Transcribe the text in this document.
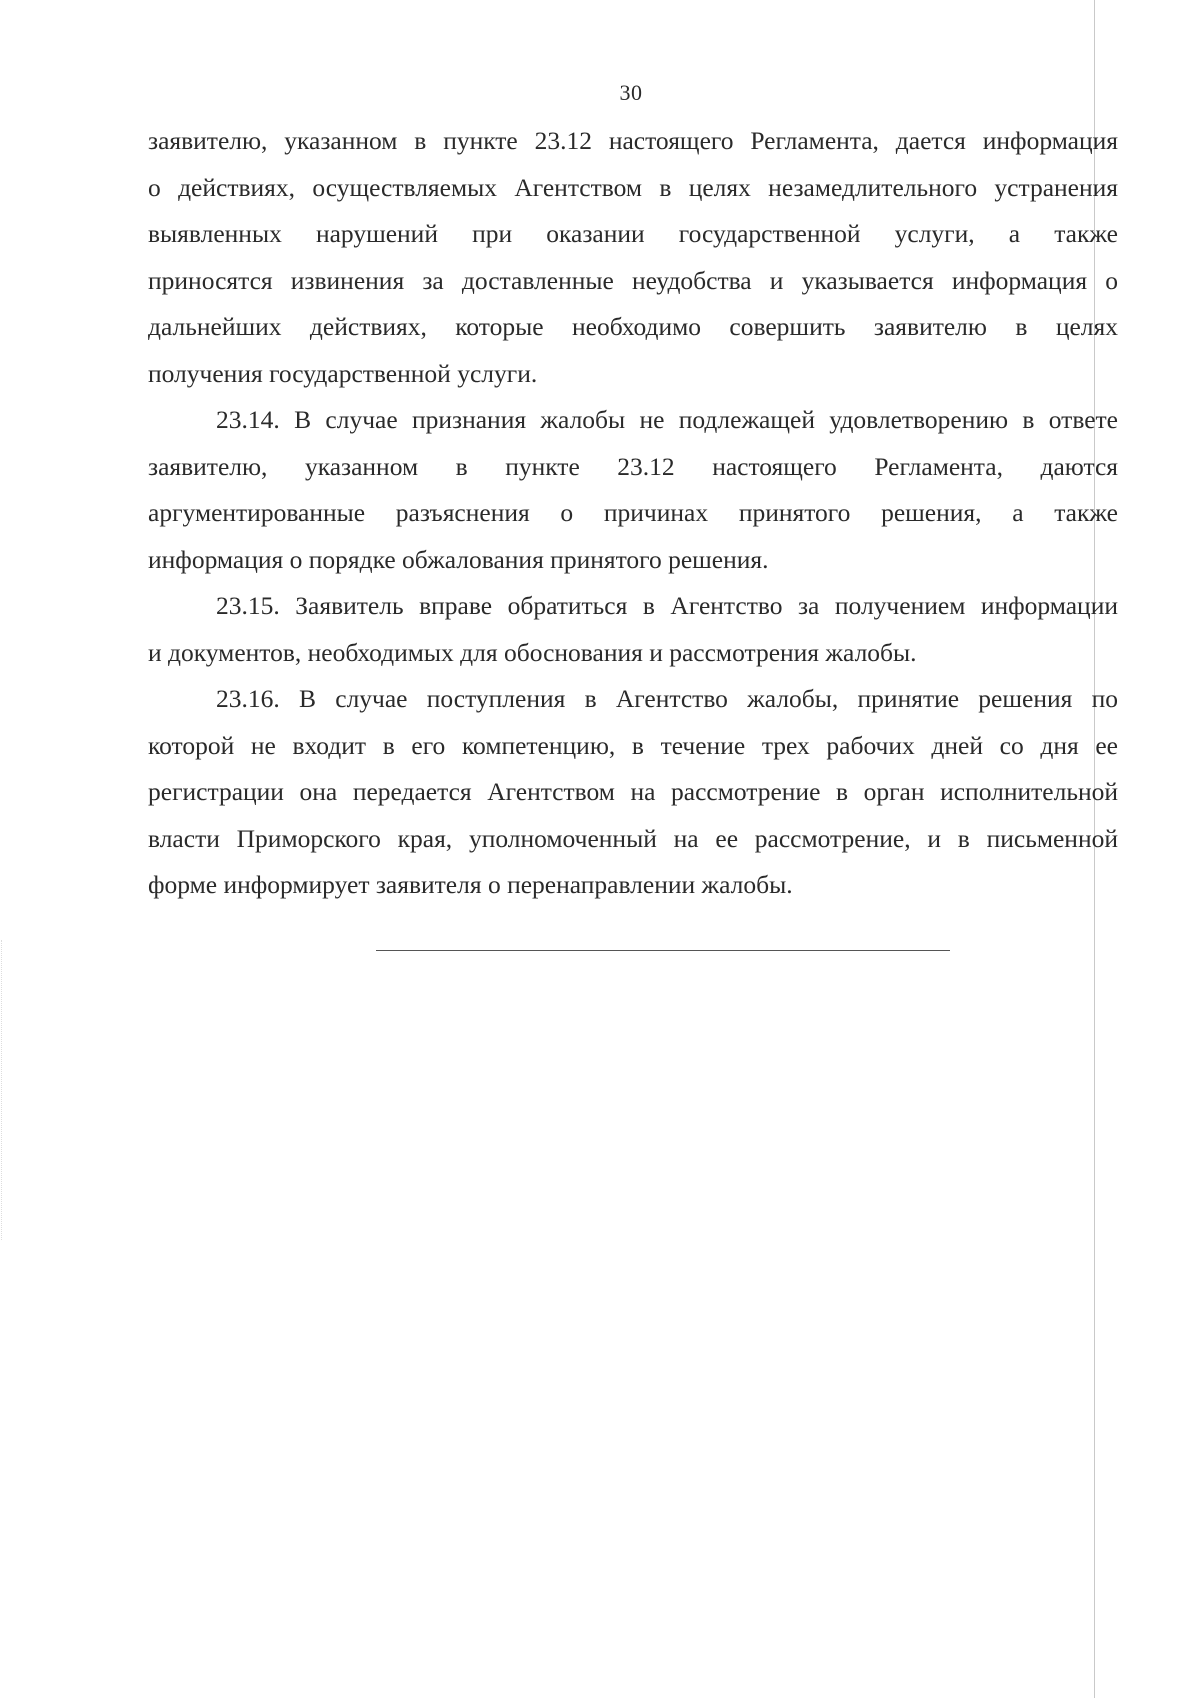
30
заявителю, указанном в пункте 23.12 настоящего Регламента, дается информация
о действиях, осуществляемых Агентством в целях незамедлительного устранения
выявленных нарушений при оказании государственной услуги, а также
приносятся извинения за доставленные неудобства и указывается информация о
дальнейших действиях, которые необходимо совершить заявителю в целях
получения государственной услуги.
23.14. В случае признания жалобы не подлежащей удовлетворению в ответе
заявителю, указанном в пункте 23.12 настоящего Регламента, даются
аргументированные разъяснения о причинах принятого решения, а также
информация о порядке обжалования принятого решения.
23.15. Заявитель вправе обратиться в Агентство за получением информации
и документов, необходимых для обоснования и рассмотрения жалобы.
23.16. В случае поступления в Агентство жалобы, принятие решения по
которой не входит в его компетенцию, в течение трех рабочих дней со дня ее
регистрации она передается Агентством на рассмотрение в орган исполнительной
власти Приморского края, уполномоченный на ее рассмотрение, и в письменной
форме информирует заявителя о перенаправлении жалобы.
